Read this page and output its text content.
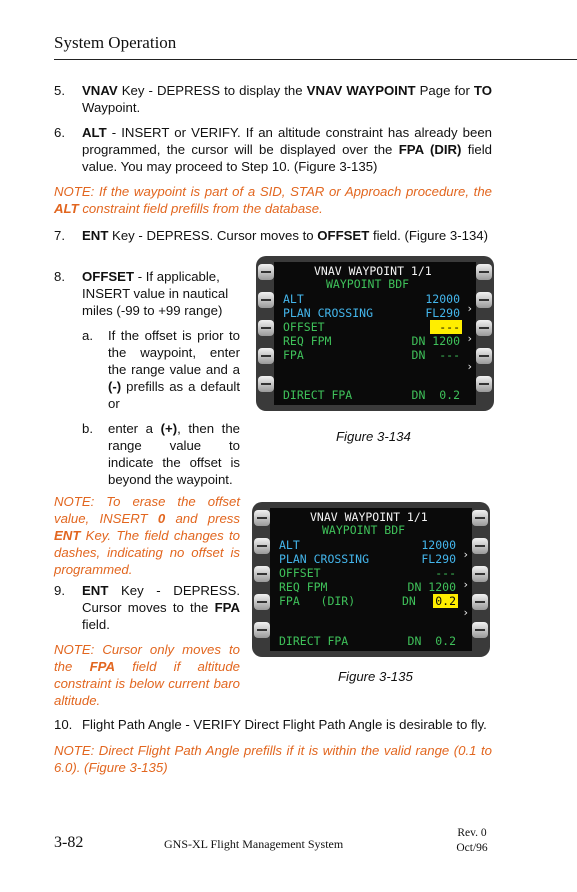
System Operation
5. VNAV Key - DEPRESS to display the VNAV WAYPOINT Page for TO Waypoint.
6. ALT - INSERT or VERIFY. If an altitude constraint has already been programmed, the cursor will be displayed over the FPA (DIR) field value. You may proceed to Step 10. (Figure 3-135)
NOTE: If the waypoint is part of a SID, STAR or Approach procedure, the ALT constraint field prefills from the database.
7. ENT Key - DEPRESS. Cursor moves to OFFSET field. (Figure 3-134)
8. OFFSET - If applicable, INSERT value in nautical miles (-99 to +99 range)
a. If the offset is prior to the waypoint, enter the range value and a (-) prefills as a default or
b. enter a (+), then the range value to indicate the offset is beyond the waypoint.
NOTE: To erase the offset value, INSERT 0 and press ENT Key. The field changes to dashes, indicating no offset is programmed.
9. ENT Key - DEPRESS. Cursor moves to the FPA field.
NOTE: Cursor only moves to the FPA field if altitude constraint is below current baro altitude.
10. Flight Path Angle - VERIFY Direct Flight Path Angle is desirable to fly.
NOTE: Direct Flight Path Angle prefills if it is within the valid range (0.1 to 6.0). (Figure 3-135)
VNAV WAYPOINT 1/1
WAYPOINT BDF
ALT	12000
PLAN CROSSING	FL290
OFFSET	---
REQ FPM	DN 1200
FPA	DN  ---
DIRECT FPA	DN  0.2
›
›
›
Figure 3-134
VNAV WAYPOINT 1/1
WAYPOINT BDF
ALT	12000
PLAN CROSSING	FL290
OFFSET	---
REQ FPM	DN 1200
FPA   (DIR)	DN 0.2
DIRECT FPA	DN  0.2
›
›
›
Figure 3-135
3-82	GNS-XL Flight Management System
Rev. 0
Oct/96
